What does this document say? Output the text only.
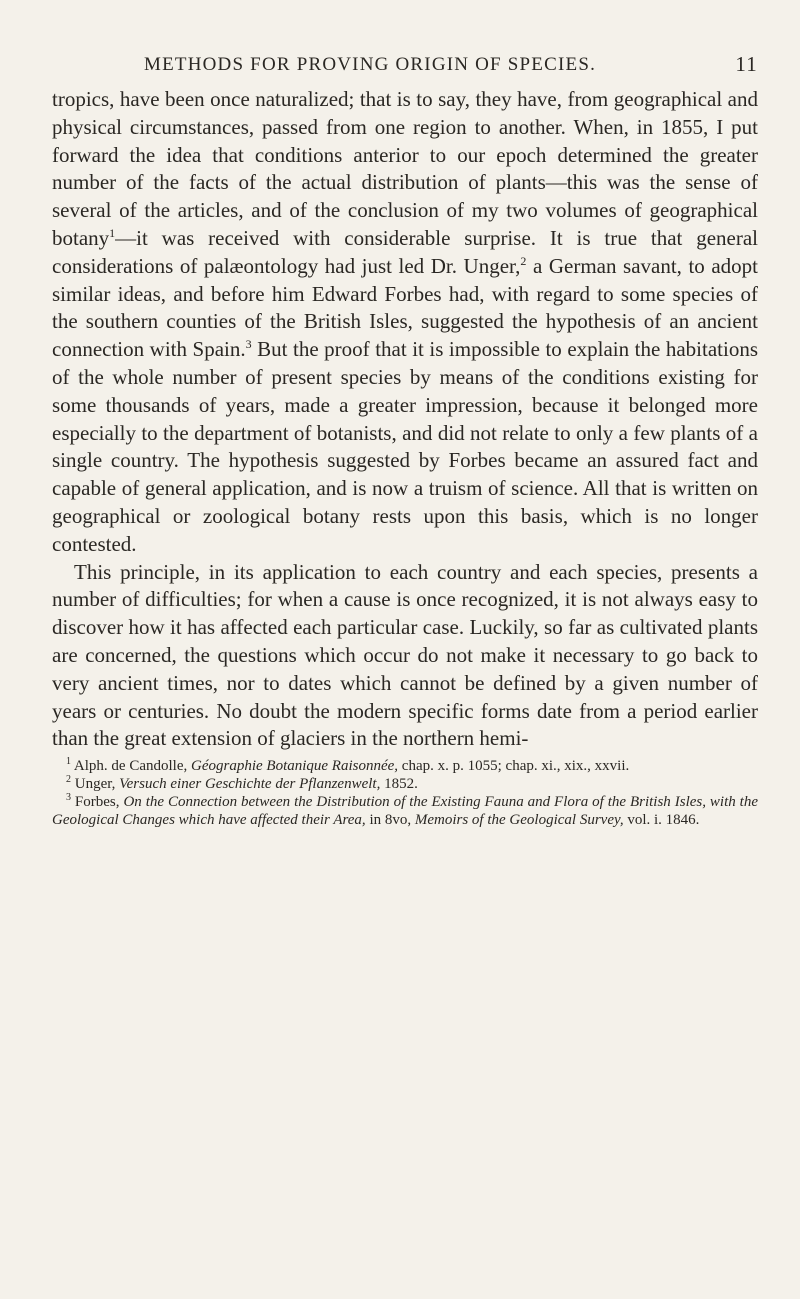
METHODS FOR PROVING ORIGIN OF SPECIES.	11

tropics, have been once naturalized; that is to say, they have, from geographical and physical circumstances, passed from one region to another. When, in 1855, I put forward the idea that conditions anterior to our epoch determined the greater number of the facts of the actual distribution of plants—this was the sense of several of the articles, and of the conclusion of my two volumes of geographical botany$^1$—it was received with considerable surprise. It is true that general considerations of palæontology had just led Dr. Unger,$^2$ a German savant, to adopt similar ideas, and before him Edward Forbes had, with regard to some species of the southern counties of the British Isles, suggested the hypothesis of an ancient connection with Spain.$^3$ But the proof that it is impossible to explain the habitations of the whole number of present species by means of the conditions existing for some thousands of years, made a greater impression, because it belonged more especially to the department of botanists, and did not relate to only a few plants of a single country. The hypothesis suggested by Forbes became an assured fact and capable of general application, and is now a truism of science. All that is written on geographical or zoological botany rests upon this basis, which is no longer contested.

This principle, in its application to each country and each species, presents a number of difficulties; for when a cause is once recognized, it is not always easy to discover how it has affected each particular case. Luckily, so far as cultivated plants are concerned, the questions which occur do not make it necessary to go back to very ancient times, nor to dates which cannot be defined by a given number of years or centuries. No doubt the modern specific forms date from a period earlier than the great extension of glaciers in the northern hemi-

$^1$ Alph. de Candolle, Géographie Botanique Raisonnée, chap. x. p. 1055; chap. xi., xix., xxvii.

$^2$ Unger, Versuch einer Geschichte der Pflanzenwelt, 1852.

$^3$ Forbes, On the Connection between the Distribution of the Existing Fauna and Flora of the British Isles, with the Geological Changes which have affected their Area, in 8vo, Memoirs of the Geological Survey, vol. i. 1846.
